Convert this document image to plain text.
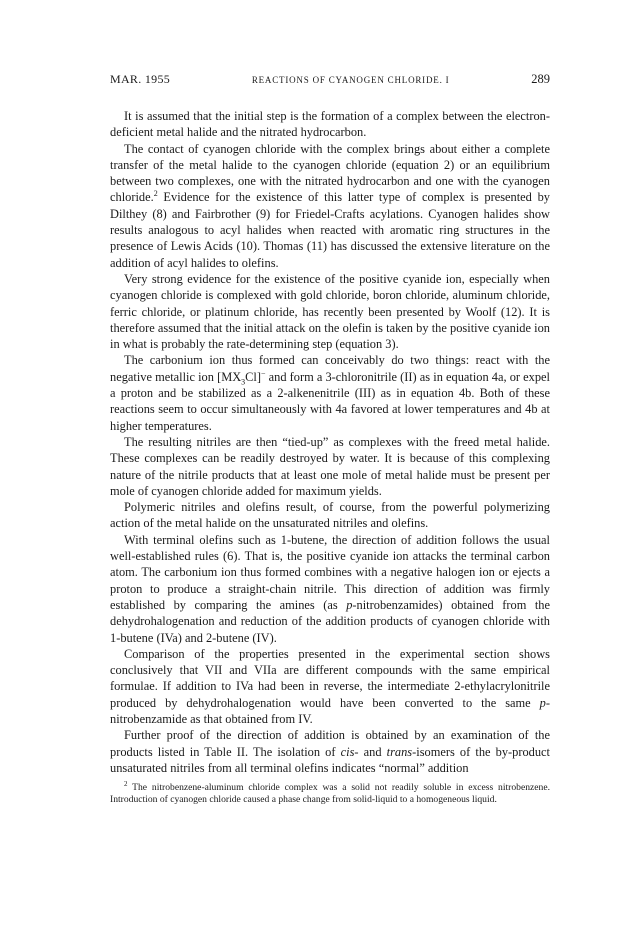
MAR. 1955	REACTIONS OF CYANOGEN CHLORIDE. I	289

It is assumed that the initial step is the formation of a complex between the electron-deficient metal halide and the nitrated hydrocarbon.

The contact of cyanogen chloride with the complex brings about either a complete transfer of the metal halide to the cyanogen chloride (equation 2) or an equilibrium between two complexes, one with the nitrated hydrocarbon and one with the cyanogen chloride.$^2$ Evidence for the existence of this latter type of complex is presented by Dilthey (8) and Fairbrother (9) for Friedel-Crafts acylations. Cyanogen halides show results analogous to acyl halides when reacted with aromatic ring structures in the presence of Lewis Acids (10). Thomas (11) has discussed the extensive literature on the addition of acyl halides to olefins.

Very strong evidence for the existence of the positive cyanide ion, especially when cyanogen chloride is complexed with gold chloride, boron chloride, aluminum chloride, ferric chloride, or platinum chloride, has recently been presented by Woolf (12). It is therefore assumed that the initial attack on the olefin is taken by the positive cyanide ion in what is probably the rate-determining step (equation 3).

The carbonium ion thus formed can conceivably do two things: react with the negative metallic ion $[MX_3Cl]^-$ and form a 3-chloronitrile (II) as in equation 4a, or expel a proton and be stabilized as a 2-alkenenitrile (III) as in equation 4b. Both of these reactions seem to occur simultaneously with 4a favored at lower temperatures and 4b at higher temperatures.

The resulting nitriles are then “tied-up” as complexes with the freed metal halide. These complexes can be readily destroyed by water. It is because of this complexing nature of the nitrile products that at least one mole of metal halide must be present per mole of cyanogen chloride added for maximum yields.

Polymeric nitriles and olefins result, of course, from the powerful polymerizing action of the metal halide on the unsaturated nitriles and olefins.

With terminal olefins such as 1-butene, the direction of addition follows the usual well-established rules (6). That is, the positive cyanide ion attacks the terminal carbon atom. The carbonium ion thus formed combines with a negative halogen ion or ejects a proton to produce a straight-chain nitrile. This direction of addition was firmly established by comparing the amines (as p-nitrobenzamides) obtained from the dehydrohalogenation and reduction of the addition products of cyanogen chloride with 1-butene (IVa) and 2-butene (IV).

Comparison of the properties presented in the experimental section shows conclusively that VII and VIIa are different compounds with the same empirical formulae. If addition to IVa had been in reverse, the intermediate 2-ethylacrylonitrile produced by dehydrohalogenation would have been converted to the same p-nitrobenzamide as that obtained from IV.

Further proof of the direction of addition is obtained by an examination of the products listed in Table II. The isolation of cis- and trans-isomers of the by-product unsaturated nitriles from all terminal olefins indicates “normal” addition

$^2$ The nitrobenzene-aluminum chloride complex was a solid not readily soluble in excess nitrobenzene. Introduction of cyanogen chloride caused a phase change from solid-liquid to a homogeneous liquid.
